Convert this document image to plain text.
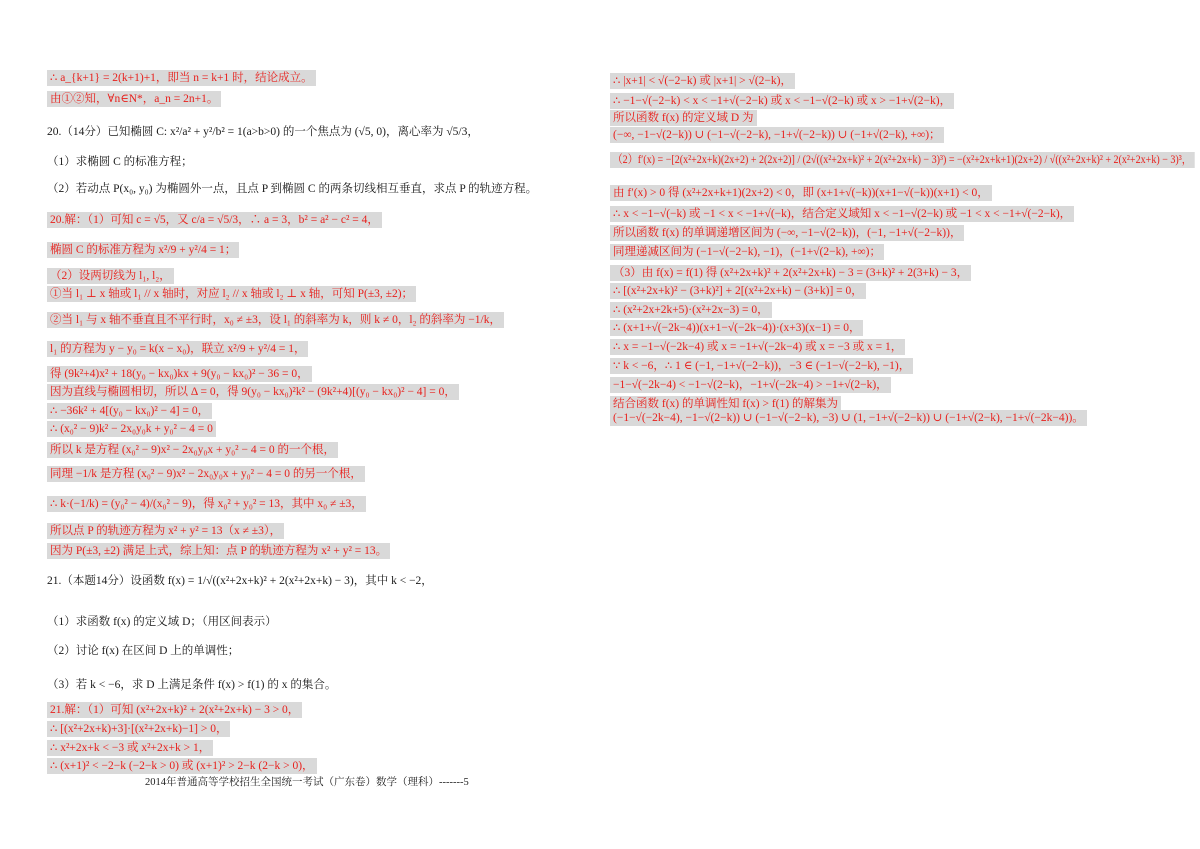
∴ a_{k+1} = 2(k+1)+1，即当 n = k+1 时，结论成立。
由①②知，∀n∈N*，a_n = 2n+1。
20.（14分）已知椭圆 C: x²/a² + y²/b² = 1(a>b>0) 的一个焦点为 (√5, 0)，离心率为 √5/3，
（1）求椭圆 C 的标准方程；
（2）若动点 P(x₀, y₀) 为椭圆外一点，且点 P 到椭圆 C 的两条切线相互垂直，求点 P 的轨迹方程。
20.解：（1）可知 c = √5，又 c/a = √5/3，∴ a = 3，b² = a² − c² = 4，
椭圆 C 的标准方程为 x²/9 + y²/4 = 1；
（2）设两切线为 l₁, l₂，
①当 l₁ ⊥ x 轴或 l₁ // x 轴时，对应 l₂ // x 轴或 l₂ ⊥ x 轴，可知 P(±3, ±2)；
②当 l₁ 与 x 轴不垂直且不平行时，x₀ ≠ ±3，设 l₁ 的斜率为 k，则 k ≠ 0，l₂ 的斜率为 −1/k，
l₁ 的方程为 y − y₀ = k(x − x₀)，联立 x²/9 + y²/4 = 1，
得 (9k²+4)x² + 18(y₀ − kx₀)kx + 9(y₀ − kx₀)² − 36 = 0，
因为直线与椭圆相切，所以 Δ = 0，得 9(y₀ − kx₀)²k² − (9k²+4)[(y₀ − kx₀)² − 4] = 0，
∴ −36k² + 4[(y₀ − kx₀)² − 4] = 0，
∴ (x₀² − 9)k² − 2x₀y₀k + y₀² − 4 = 0
所以 k 是方程 (x₀² − 9)x² − 2x₀y₀x + y₀² − 4 = 0 的一个根，
同理 −1/k 是方程 (x₀² − 9)x² − 2x₀y₀x + y₀² − 4 = 0 的另一个根，
∴ k·(−1/k) = (y₀² − 4)/(x₀² − 9)，得 x₀² + y₀² = 13，其中 x₀ ≠ ±3，
所以点 P 的轨迹方程为 x² + y² = 13（x ≠ ±3），
因为 P(±3, ±2) 满足上式，综上知：点 P 的轨迹方程为 x² + y² = 13。
21.（本题14分）设函数 f(x) = 1/√((x²+2x+k)² + 2(x²+2x+k) − 3)，其中 k < −2，
（1）求函数 f(x) 的定义域 D；（用区间表示）
（2）讨论 f(x) 在区间 D 上的单调性；
（3）若 k < −6，求 D 上满足条件 f(x) > f(1) 的 x 的集合。
21.解：（1）可知 (x²+2x+k)² + 2(x²+2x+k) − 3 > 0，
∴ [(x²+2x+k)+3]·[(x²+2x+k)−1] > 0，
∴ x²+2x+k < −3 或 x²+2x+k > 1，
∴ (x+1)² < −2−k (−2−k > 0) 或 (x+1)² > 2−k (2−k > 0)，
∴ |x+1| < √(−2−k) 或 |x+1| > √(2−k)，
∴ −1−√(−2−k) < x < −1+√(−2−k) 或 x < −1−√(2−k) 或 x > −1+√(2−k)，
所以函数 f(x) 的定义域 D 为
(−∞, −1−√(2−k)) ∪ (−1−√(−2−k), −1+√(−2−k)) ∪ (−1+√(2−k), +∞)；
（2）f′(x) = −[2(x²+2x+k)(2x+2) + 2(2x+2)] / (2√((x²+2x+k)² + 2(x²+2x+k) − 3)³) = −(x²+2x+k+1)(2x+2) / √((x²+2x+k)² + 2(x²+2x+k) − 3)³，
由 f′(x) > 0 得 (x²+2x+k+1)(2x+2) < 0，即 (x+1+√(−k))(x+1−√(−k))(x+1) < 0，
∴ x < −1−√(−k) 或 −1 < x < −1+√(−k)，结合定义域知 x < −1−√(2−k) 或 −1 < x < −1+√(−2−k)，
所以函数 f(x) 的单调递增区间为 (−∞, −1−√(2−k))，(−1, −1+√(−2−k))，
同理递减区间为 (−1−√(−2−k), −1)，(−1+√(2−k), +∞)；
（3）由 f(x) = f(1) 得 (x²+2x+k)² + 2(x²+2x+k) − 3 = (3+k)² + 2(3+k) − 3，
∴ [(x²+2x+k)² − (3+k)²] + 2[(x²+2x+k) − (3+k)] = 0，
∴ (x²+2x+2k+5)·(x²+2x−3) = 0，
∴ (x+1+√(−2k−4))(x+1−√(−2k−4))·(x+3)(x−1) = 0，
∴ x = −1−√(−2k−4) 或 x = −1+√(−2k−4) 或 x = −3 或 x = 1，
∵ k < −6，∴ 1 ∈ (−1, −1+√(−2−k))，−3 ∈ (−1−√(−2−k), −1)，
−1−√(−2k−4) < −1−√(2−k)，−1+√(−2k−4) > −1+√(2−k)，
结合函数 f(x) 的单调性知 f(x) > f(1) 的解集为
(−1−√(−2k−4), −1−√(2−k)) ∪ (−1−√(−2−k), −3) ∪ (1, −1+√(−2−k)) ∪ (−1+√(2−k), −1+√(−2k−4))。
2014年普通高等学校招生全国统一考试（广东卷）数学（理科）-------5
